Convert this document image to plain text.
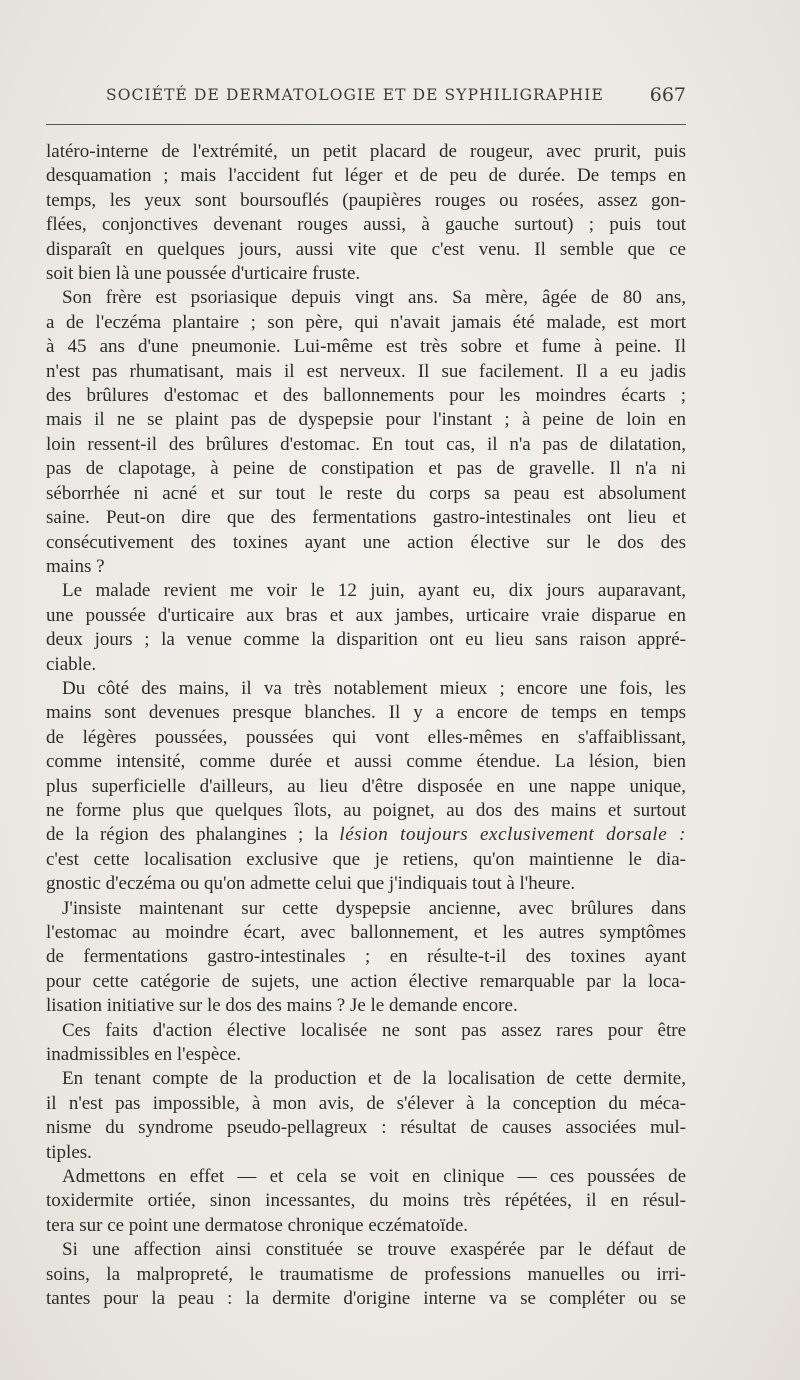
SOCIÉTÉ DE DERMATOLOGIE ET DE SYPHILIGRAPHIE 667
latéro-interne de l'extrémité, un petit placard de rougeur, avec prurit, puis
desquamation ; mais l'accident fut léger et de peu de durée. De temps en
temps, les yeux sont boursouflés (paupières rouges ou rosées, assez gon-
flées, conjonctives devenant rouges aussi, à gauche surtout) ; puis tout
disparaît en quelques jours, aussi vite que c'est venu. Il semble que ce
soit bien là une poussée d'urticaire fruste.
Son frère est psoriasique depuis vingt ans. Sa mère, âgée de 80 ans,
a de l'eczéma plantaire ; son père, qui n'avait jamais été malade, est mort
à 45 ans d'une pneumonie. Lui-même est très sobre et fume à peine. Il
n'est pas rhumatisant, mais il est nerveux. Il sue facilement. Il a eu jadis
des brûlures d'estomac et des ballonnements pour les moindres écarts ;
mais il ne se plaint pas de dyspepsie pour l'instant ; à peine de loin en
loin ressent-il des brûlures d'estomac. En tout cas, il n'a pas de dilatation,
pas de clapotage, à peine de constipation et pas de gravelle. Il n'a ni
séborrhée ni acné et sur tout le reste du corps sa peau est absolument
saine. Peut-on dire que des fermentations gastro-intestinales ont lieu et
consécutivement des toxines ayant une action élective sur le dos des
mains ?
Le malade revient me voir le 12 juin, ayant eu, dix jours auparavant,
une poussée d'urticaire aux bras et aux jambes, urticaire vraie disparue en
deux jours ; la venue comme la disparition ont eu lieu sans raison appré-
ciable.
Du côté des mains, il va très notablement mieux ; encore une fois, les
mains sont devenues presque blanches. Il y a encore de temps en temps
de légères poussées, poussées qui vont elles-mêmes en s'affaiblissant,
comme intensité, comme durée et aussi comme étendue. La lésion, bien
plus superficielle d'ailleurs, au lieu d'être disposée en une nappe unique,
ne forme plus que quelques îlots, au poignet, au dos des mains et surtout
de la région des phalangines ; la lésion toujours exclusivement dorsale :
c'est cette localisation exclusive que je retiens, qu'on maintienne le dia-
gnostic d'eczéma ou qu'on admette celui que j'indiquais tout à l'heure.
J'insiste maintenant sur cette dyspepsie ancienne, avec brûlures dans
l'estomac au moindre écart, avec ballonnement, et les autres symptômes
de fermentations gastro-intestinales ; en résulte-t-il des toxines ayant
pour cette catégorie de sujets, une action élective remarquable par la loca-
lisation initiative sur le dos des mains ? Je le demande encore.
Ces faits d'action élective localisée ne sont pas assez rares pour être
inadmissibles en l'espèce.
En tenant compte de la production et de la localisation de cette dermite,
il n'est pas impossible, à mon avis, de s'élever à la conception du méca-
nisme du syndrome pseudo-pellagreux : résultat de causes associées mul-
tiples.
Admettons en effet — et cela se voit en clinique — ces poussées de
toxidermite ortiée, sinon incessantes, du moins très répétées, il en résul-
tera sur ce point une dermatose chronique eczématoïde.
Si une affection ainsi constituée se trouve exaspérée par le défaut de
soins, la malpropreté, le traumatisme de professions manuelles ou irri-
tantes pour la peau : la dermite d'origine interne va se compléter ou se
